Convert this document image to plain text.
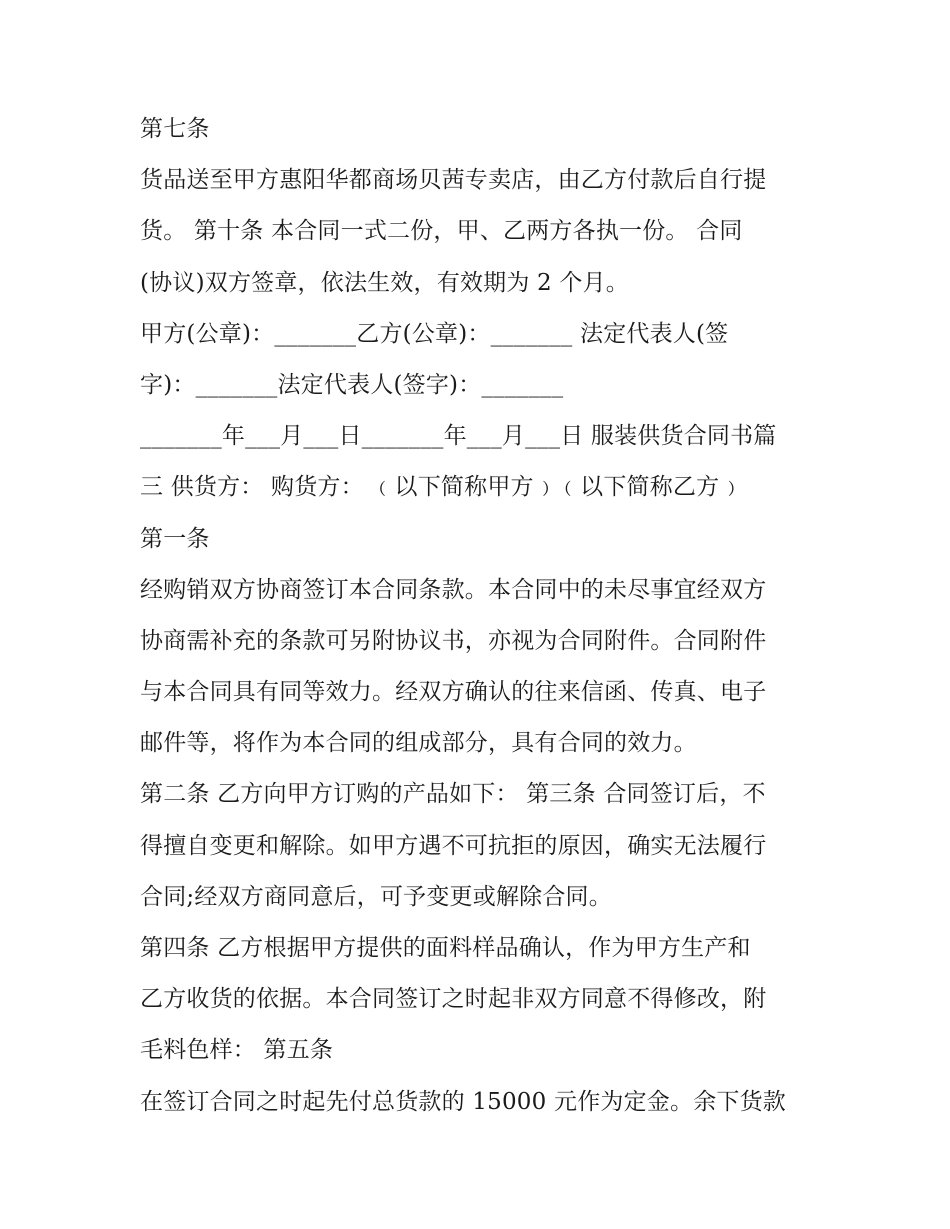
第七条
货品送至甲方惠阳华都商场贝茜专卖店，由乙方付款后自行提
货。 第十条 本合同一式二份，甲、乙两方各执一份。 合同
(协议)双方签章，依法生效，有效期为 2 个月。
甲方(公章)：_______乙方(公章)：_______ 法定代表人(签
字)：_______法定代表人(签字)：_______
_______年___月___日_______年___月___日 服装供货合同书篇
三 供货方： 购货方： ﹙以下简称甲方﹚﹙以下简称乙方﹚
第一条
经购销双方协商签订本合同条款。本合同中的未尽事宜经双方
协商需补充的条款可另附协议书，亦视为合同附件。合同附件
与本合同具有同等效力。经双方确认的往来信函、传真、电子
邮件等，将作为本合同的组成部分，具有合同的效力。
第二条 乙方向甲方订购的产品如下： 第三条 合同签订后，不
得擅自变更和解除。如甲方遇不可抗拒的原因，确实无法履行
合同;经双方商同意后，可予变更或解除合同。
第四条 乙方根据甲方提供的面料样品确认，作为甲方生产和
乙方收货的依据。本合同签订之时起非双方同意不得修改，附
毛料色样： 第五条
在签订合同之时起先付总货款的 15000 元作为定金。余下货款
